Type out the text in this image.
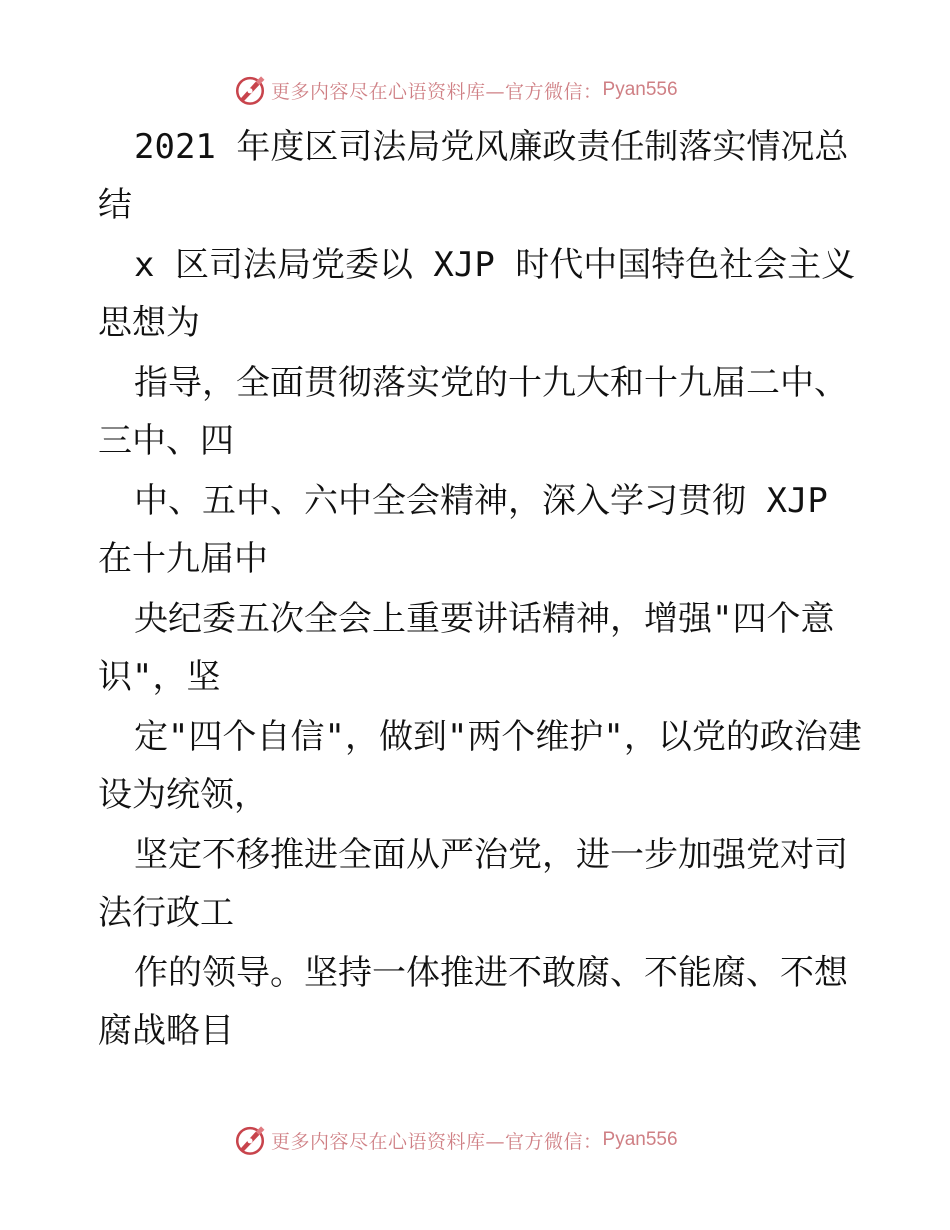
更多内容尽在心语资料库—官方微信： Pyan556
2021 年度区司法局党风廉政责任制落实情况总
结
x 区司法局党委以 XJP 时代中国特色社会主义
思想为
指导，全面贯彻落实党的十九大和十九届二中、
三中、四
中、五中、六中全会精神，深入学习贯彻 XJP
在十九届中
央纪委五次全会上重要讲话精神，增强"四个意
识"，坚
定"四个自信"，做到"两个维护"，以党的政治建
设为统领，
坚定不移推进全面从严治党，进一步加强党对司
法行政工
作的领导。坚持一体推进不敢腐、不能腐、不想
腐战略目
更多内容尽在心语资料库—官方微信： Pyan556
